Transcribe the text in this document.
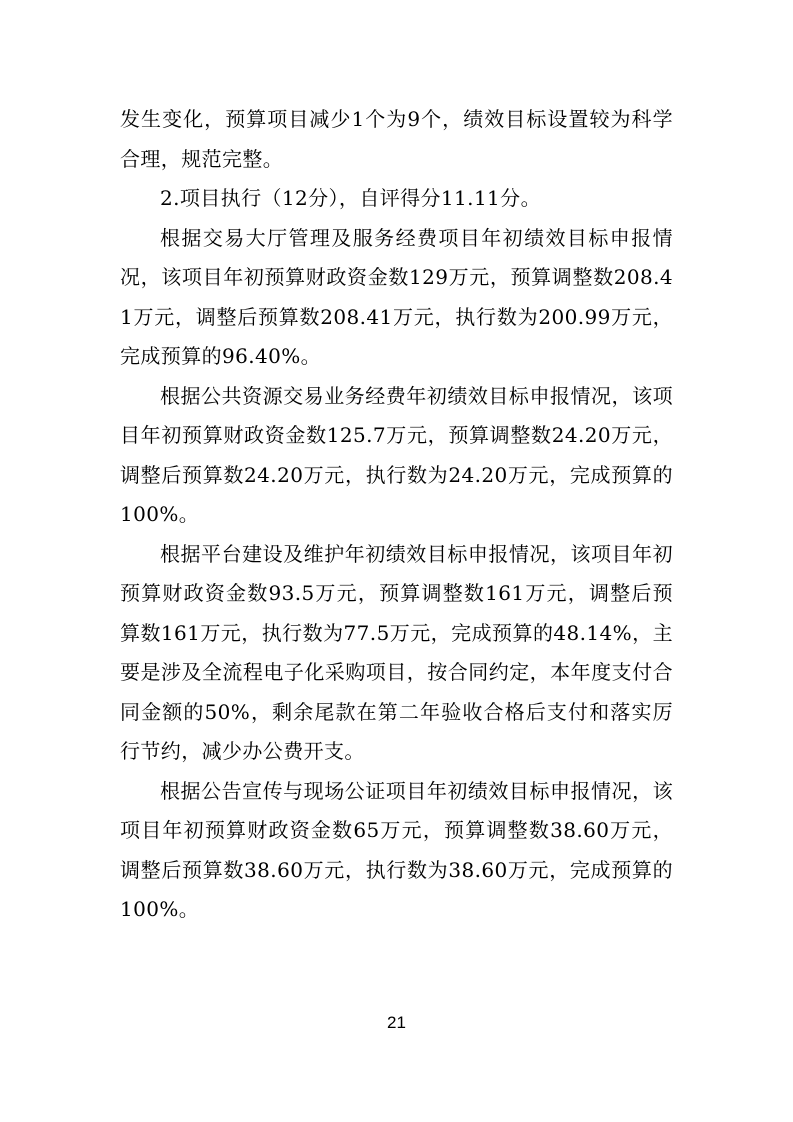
发生变化，预算项目减少1个为9个，绩效目标设置较为科学合理，规范完整。

2.项目执行（12分），自评得分11.11分。

根据交易大厅管理及服务经费项目年初绩效目标申报情况，该项目年初预算财政资金数129万元，预算调整数208.41万元，调整后预算数208.41万元，执行数为200.99万元，完成预算的96.40%。

根据公共资源交易业务经费年初绩效目标申报情况，该项目年初预算财政资金数125.7万元，预算调整数24.20万元，调整后预算数24.20万元，执行数为24.20万元，完成预算的100%。

根据平台建设及维护年初绩效目标申报情况，该项目年初预算财政资金数93.5万元，预算调整数161万元，调整后预算数161万元，执行数为77.5万元，完成预算的48.14%，主要是涉及全流程电子化采购项目，按合同约定，本年度支付合同金额的50%，剩余尾款在第二年验收合格后支付和落实厉行节约，减少办公费开支。

根据公告宣传与现场公证项目年初绩效目标申报情况，该项目年初预算财政资金数65万元，预算调整数38.60万元，调整后预算数38.60万元，执行数为38.60万元，完成预算的100%。

21
